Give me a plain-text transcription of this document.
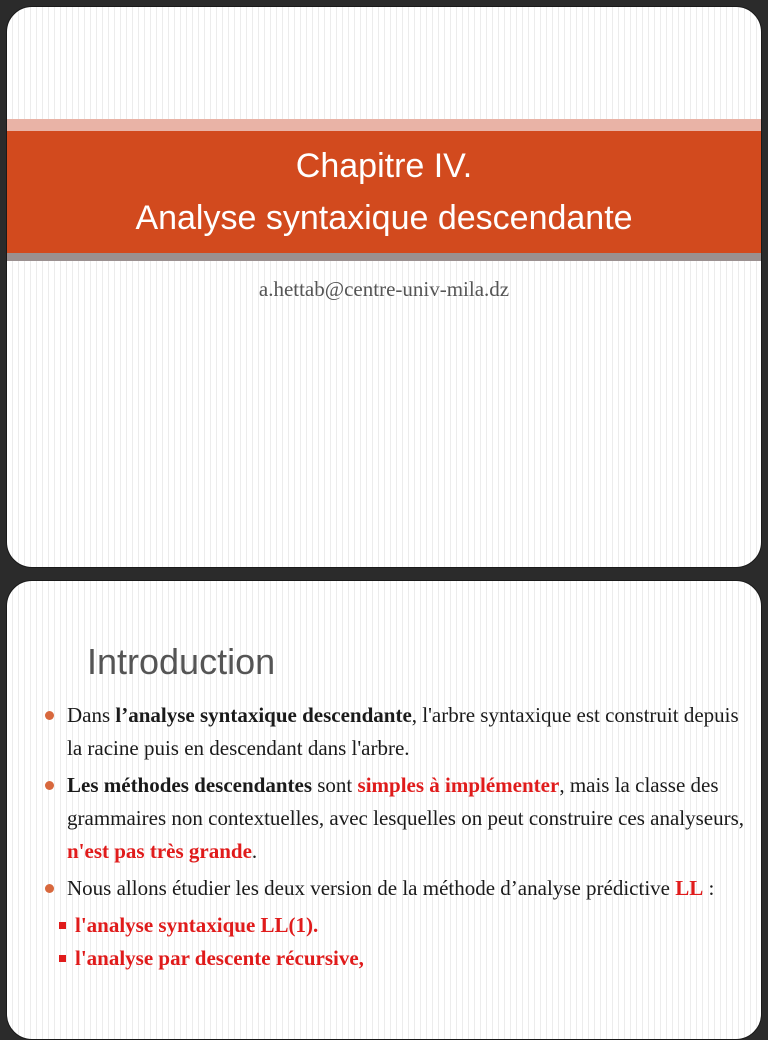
Chapitre IV.
Analyse syntaxique descendante
a.hettab@centre-univ-mila.dz
Introduction
Dans l’analyse syntaxique descendante, l'arbre syntaxique est construit depuis la racine puis en descendant dans l'arbre.
Les méthodes descendantes sont simples à implémenter, mais la classe des grammaires non contextuelles, avec lesquelles on peut construire ces analyseurs, n'est pas très grande.
Nous allons étudier les deux version de la méthode d’analyse prédictive LL :
l'analyse syntaxique LL(1).
l'analyse par descente récursive,
